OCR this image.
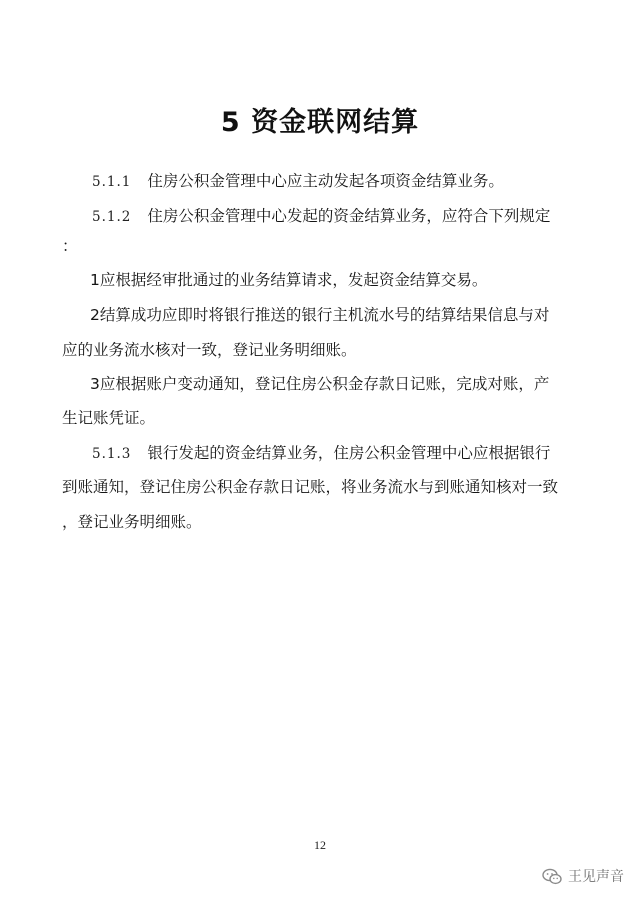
5 资金联网结算
5.1.1 住房公积金管理中心应主动发起各项资金结算业务。
5.1.2 住房公积金管理中心发起的资金结算业务，应符合下列规定
：
1应根据经审批通过的业务结算请求，发起资金结算交易。
2结算成功应即时将银行推送的银行主机流水号的结算结果信息与对
应的业务流水核对一致，登记业务明细账。
3应根据账户变动通知，登记住房公积金存款日记账，完成对账，产
生记账凭证。
5.1.3 银行发起的资金结算业务，住房公积金管理中心应根据银行
到账通知，登记住房公积金存款日记账，将业务流水与到账通知核对一致
，登记业务明细账。
12
王见声音
